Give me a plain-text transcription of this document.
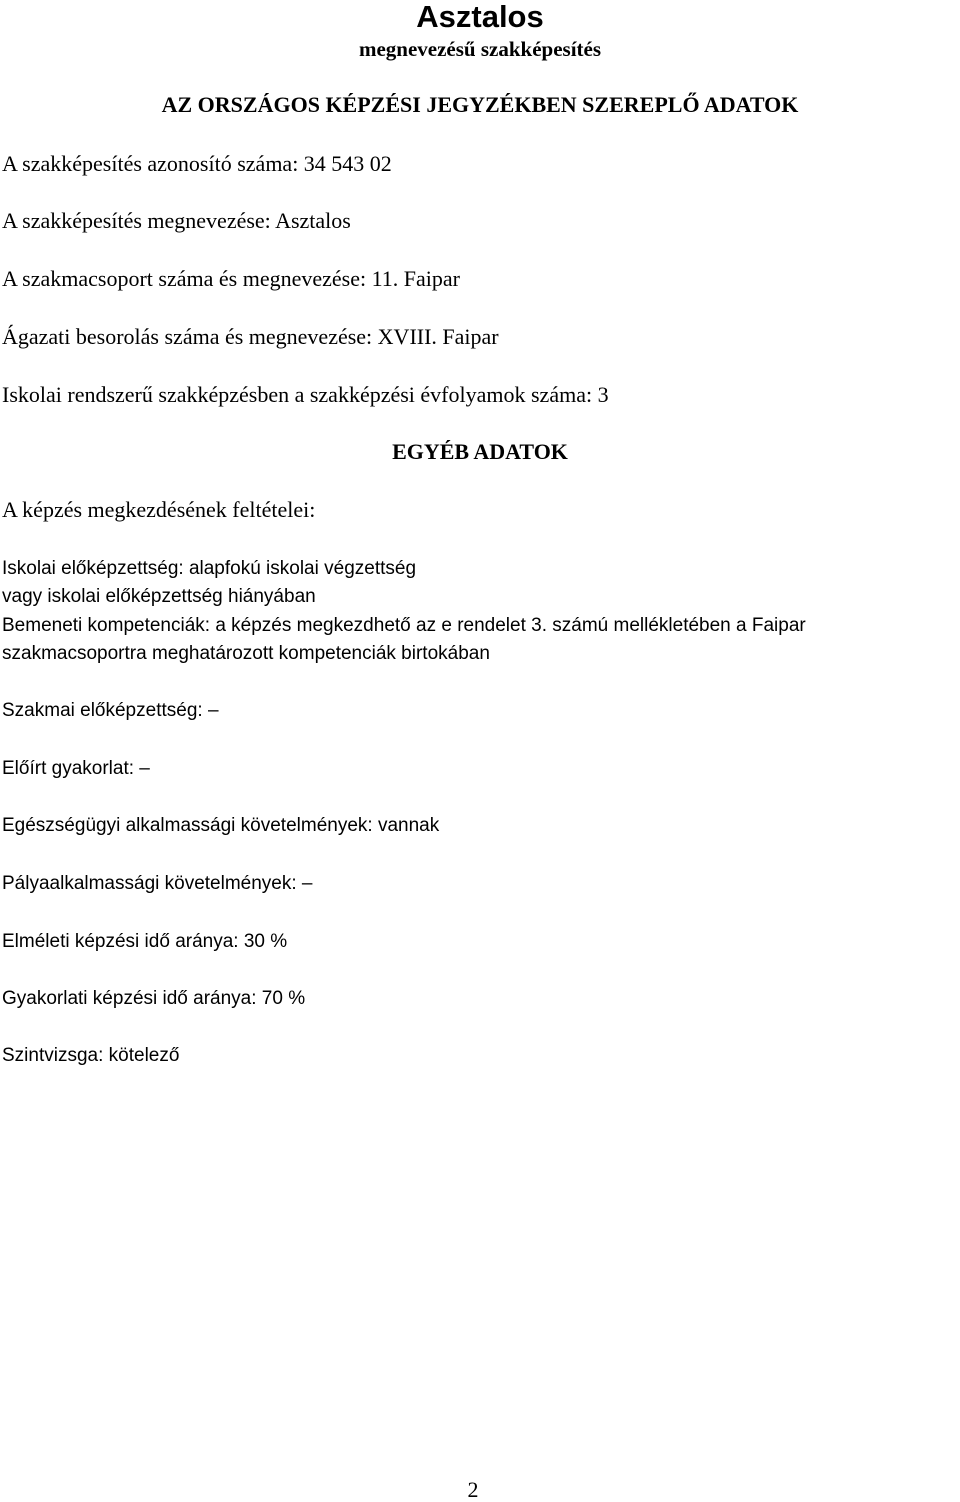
Asztalos
megnevezésű szakképesítés
AZ ORSZÁGOS KÉPZÉSI JEGYZÉKBEN SZEREPLŐ ADATOK
A szakképesítés azonosító száma: 34 543 02
A szakképesítés megnevezése: Asztalos
A szakmacsoport száma és megnevezése: 11. Faipar
Ágazati besorolás száma és megnevezése: XVIII. Faipar
Iskolai rendszerű szakképzésben a szakképzési évfolyamok száma: 3
EGYÉB ADATOK
A képzés megkezdésének feltételei:
Iskolai előképzettség: alapfokú iskolai végzettség
vagy iskolai előképzettség hiányában
Bemeneti kompetenciák: a képzés megkezdhető az e rendelet 3. számú mellékletében a Faipar
szakmacsoportra meghatározott kompetenciák birtokában
Szakmai előképzettség: –
Előírt gyakorlat: –
Egészségügyi alkalmassági követelmények: vannak
Pályaalkalmassági követelmények: –
Elméleti képzési idő aránya: 30 %
Gyakorlati képzési idő aránya: 70 %
Szintvizsga: kötelező
2
